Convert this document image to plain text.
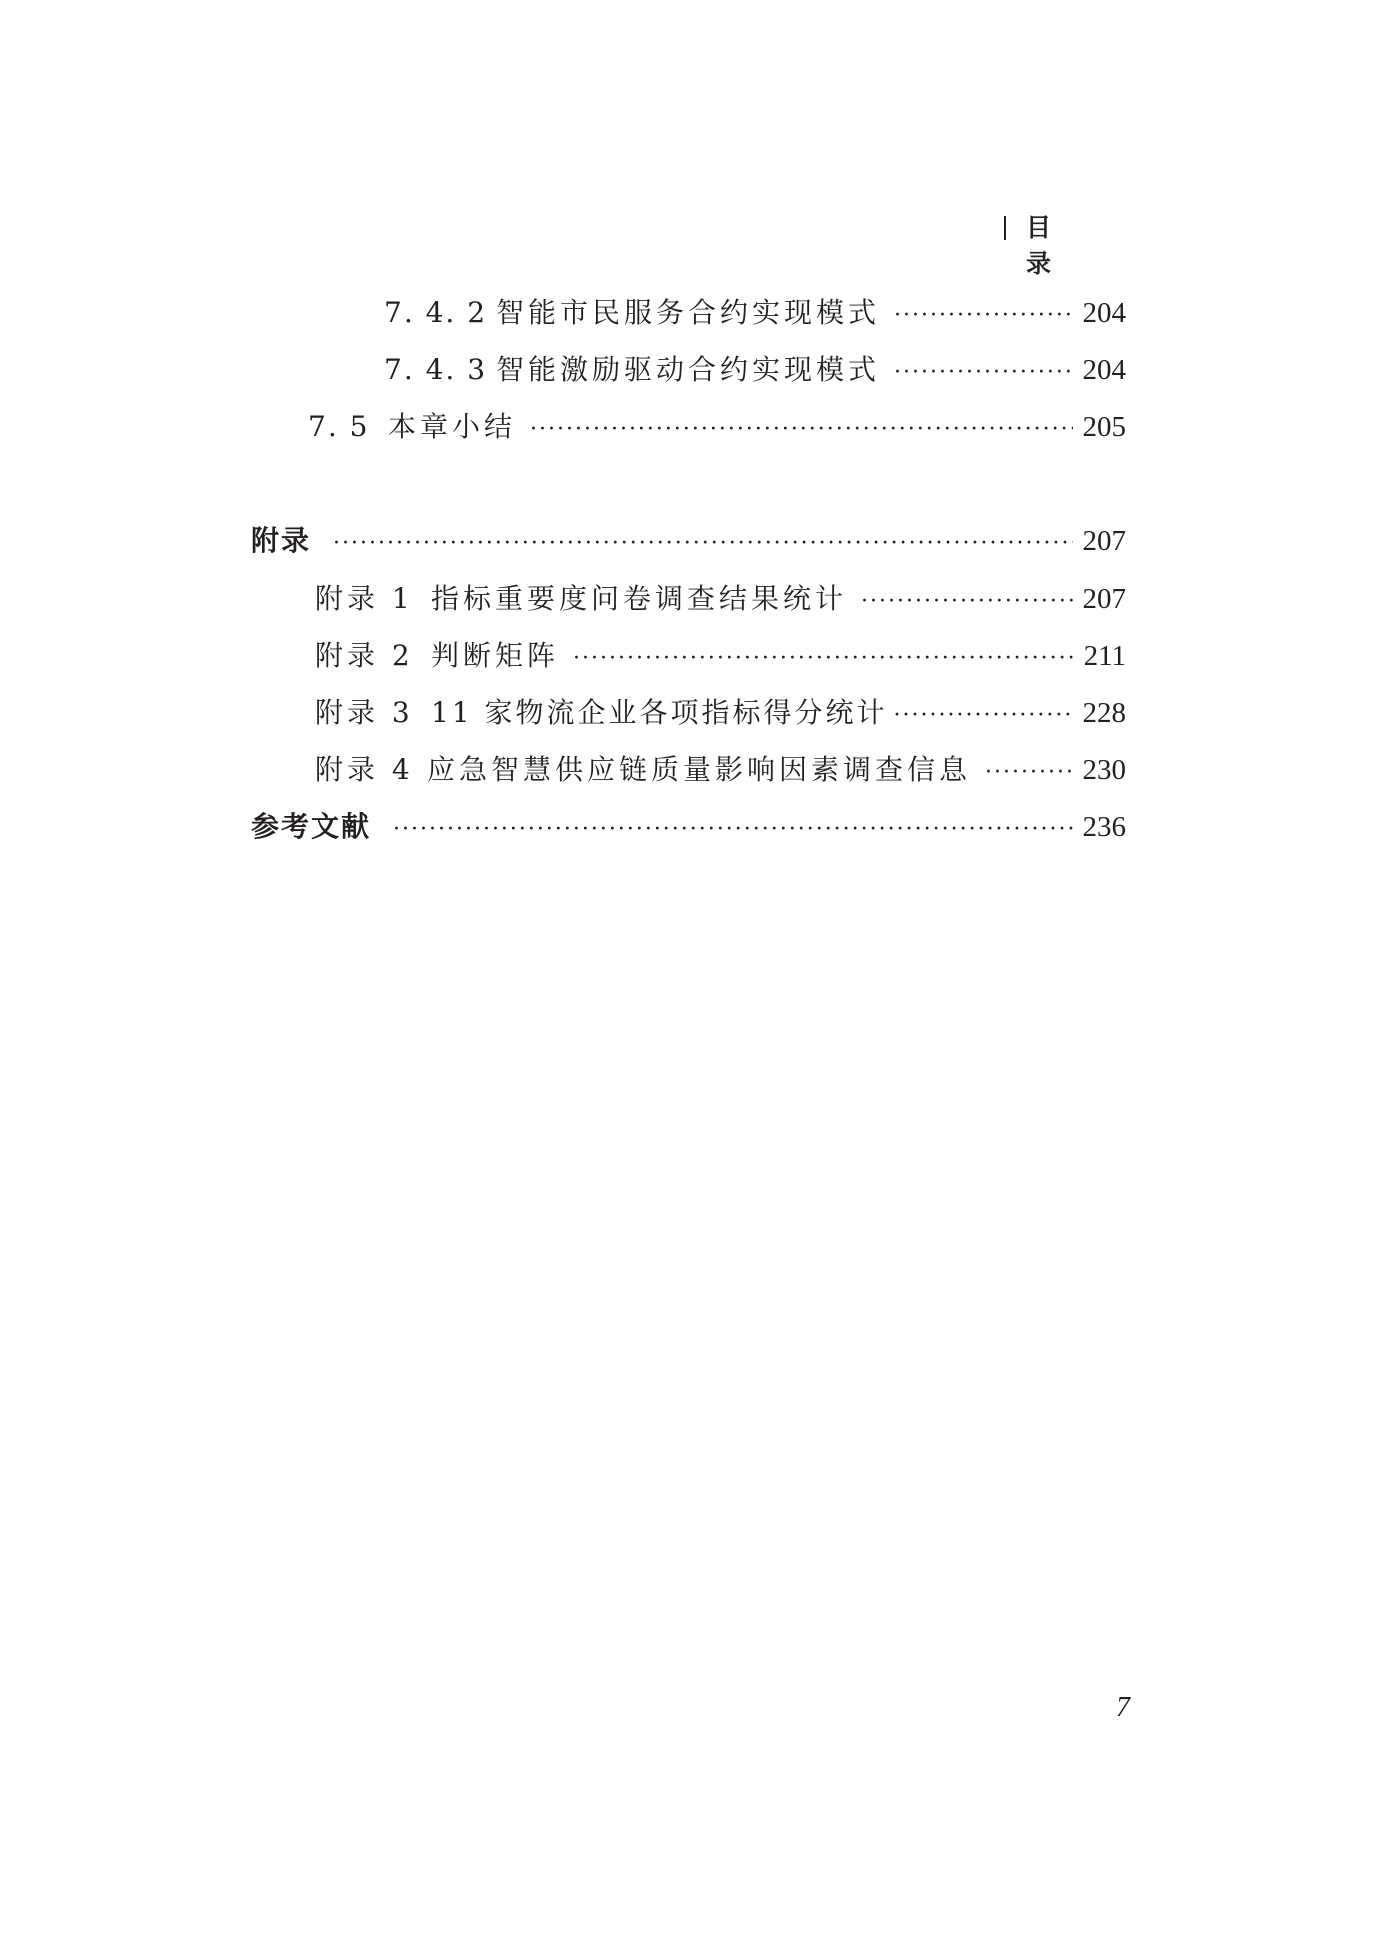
目录
7. 4. 2 智能市民服务合约实现模式 ·····	204
7. 4. 3 智能激励驱动合约实现模式 ·····	204
7. 5 本章小结 ·····	205
附录 ·····	207
附录 1 指标重要度问卷调查结果统计 ·····	207
附录 2 判断矩阵 ·····	211
附录 3 11 家物流企业各项指标得分统计 ·····	228
附录 4 应急智慧供应链质量影响因素调查信息 ·····	230
参考文献 ·····	236
7
